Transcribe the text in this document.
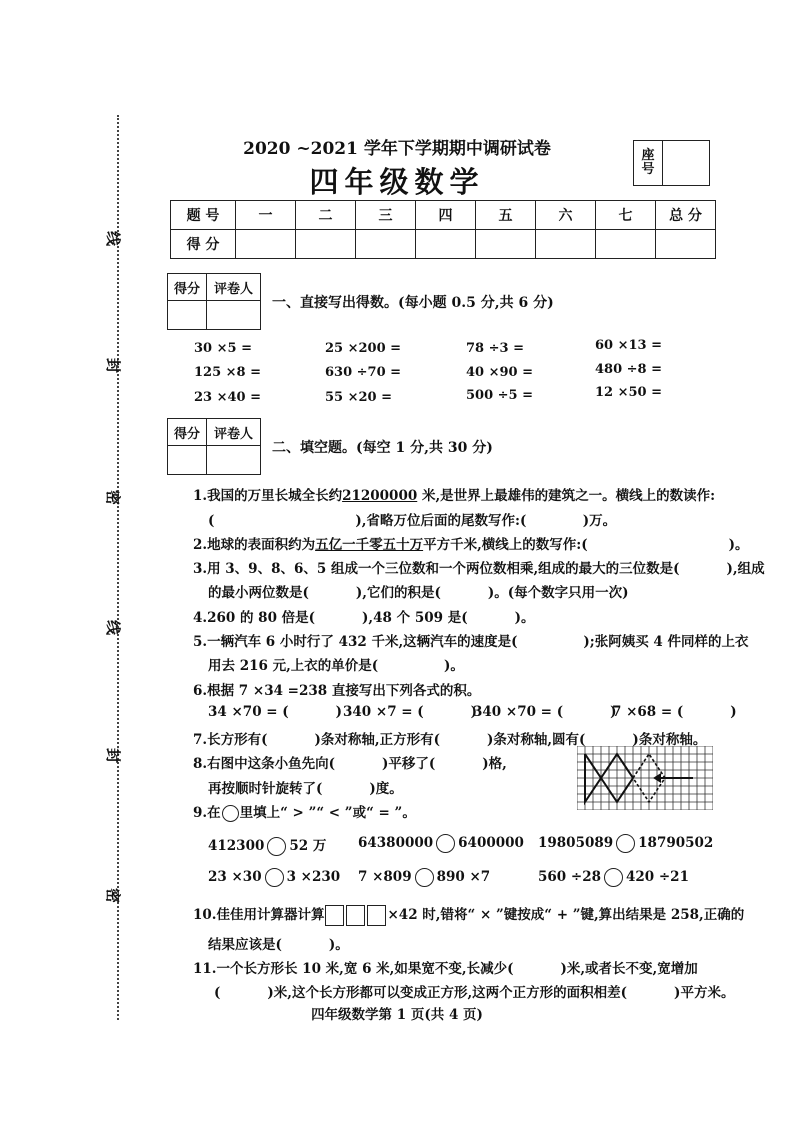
线
封
密
线
封
密
2020 ~2021 学年下学期期中调研试卷
四年级数学
座号
题 号	一	二	三	四	五	六	七	总 分
得 分								
得分	评卷人
一、直接写出得数。(每小题 0.5 分,共 6 分)
30 ×5 =	25 ×200 =	78 ÷3 =	60 ×13 =
125 ×8 =	630 ÷70 =	40 ×90 =	480 ÷8 =
23 ×40 =	55 ×20 =	500 ÷5 =	12 ×50 =
得分	评卷人
二、填空题。(每空 1 分,共 30 分)
1.我国的万里长城全长约21200000 米,是世界上最雄伟的建筑之一。横线上的数读作:
(                              ),省略万位后面的尾数写作:(            )万。
2.地球的表面积约为五亿一千零五十万平方千米,横线上的数写作:(                              )。
3.用 3、9、8、6、5 组成一个三位数和一个两位数相乘,组成的最大的三位数是(          ),组成
的最小两位数是(          ),它们的积是(          )。(每个数字只用一次)
4.260 的 80 倍是(          ),48 个 509 是(          )。
5.一辆汽车 6 小时行了 432 千米,这辆汽车的速度是(              );张阿姨买 4 件同样的上衣
用去 216 元,上衣的单价是(              )。
6.根据 7 ×34 =238 直接写出下列各式的积。
34 ×70 = (          ) 340 ×7 = (          )
340 ×70 = (          )
7 ×68 = (          )
7.长方形有(          )条对称轴,正方形有(          )条对称轴,圆有(          )条对称轴。
8.右图中这条小鱼先向(          )平移了(          )格,
再按顺时针旋转了(          )度。
9.在 里填上“ > ”“ < ”或“ = ”。
412300 52 万 64380000 6400000 19805089 18790502
23 ×30 3 ×230 7 ×809 890 ×7	560 ÷28 420 ÷21
10.佳佳用计算器计算	×42 时,错将“ × ”键按成“ + ”键,算出结果是 258,正确的
结果应该是(          )。
11.一个长方形长 10 米,宽 6 米,如果宽不变,长减少(          )米,或者长不变,宽增加
(          )米,这个长方形都可以变成正方形,这两个正方形的面积相差(          )平方米。
四年级数学第 1 页(共 4 页)
